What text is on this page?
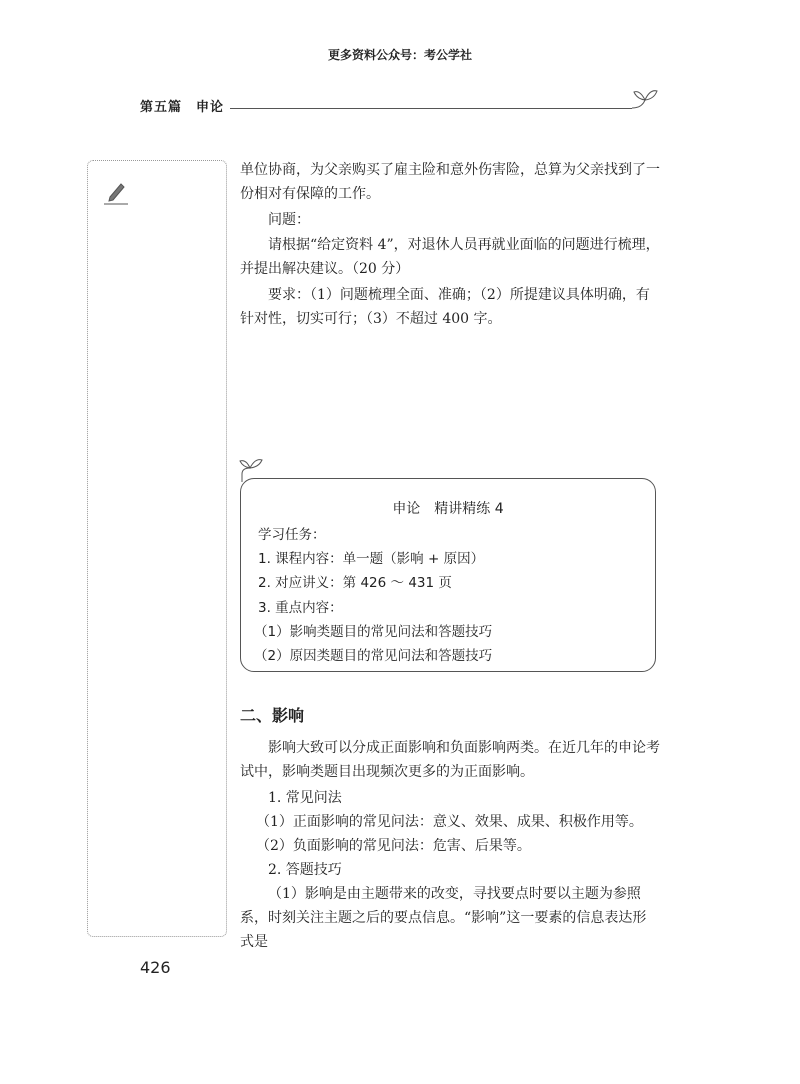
更多资料公众号：考公学社
第五篇　申论

单位协商，为父亲购买了雇主险和意外伤害险，总算为父亲找到了一份相对有保障的工作。

问题：

请根据“给定资料 4”，对退休人员再就业面临的问题进行梳理，并提出解决建议。（20 分）

要求：（1）问题梳理全面、准确；（2）所提建议具体明确，有针对性，切实可行；（3）不超过 400 字。

申论　精讲精练 4
学习任务：
1. 课程内容：单一题（影响 + 原因）
2. 对应讲义：第 426 ～ 431 页
3. 重点内容：
（1）影响类题目的常见问法和答题技巧
（2）原因类题目的常见问法和答题技巧
二、影响

影响大致可以分成正面影响和负面影响两类。在近几年的申论考试中，影响类题目出现频次更多的为正面影响。

1. 常见问法

（1）正面影响的常见问法：意义、效果、成果、积极作用等。

（2）负面影响的常见问法：危害、后果等。

2. 答题技巧

（1）影响是由主题带来的改变，寻找要点时要以主题为参照系，时刻关注主题之后的要点信息。“影响”这一要素的信息表达形式是

426
